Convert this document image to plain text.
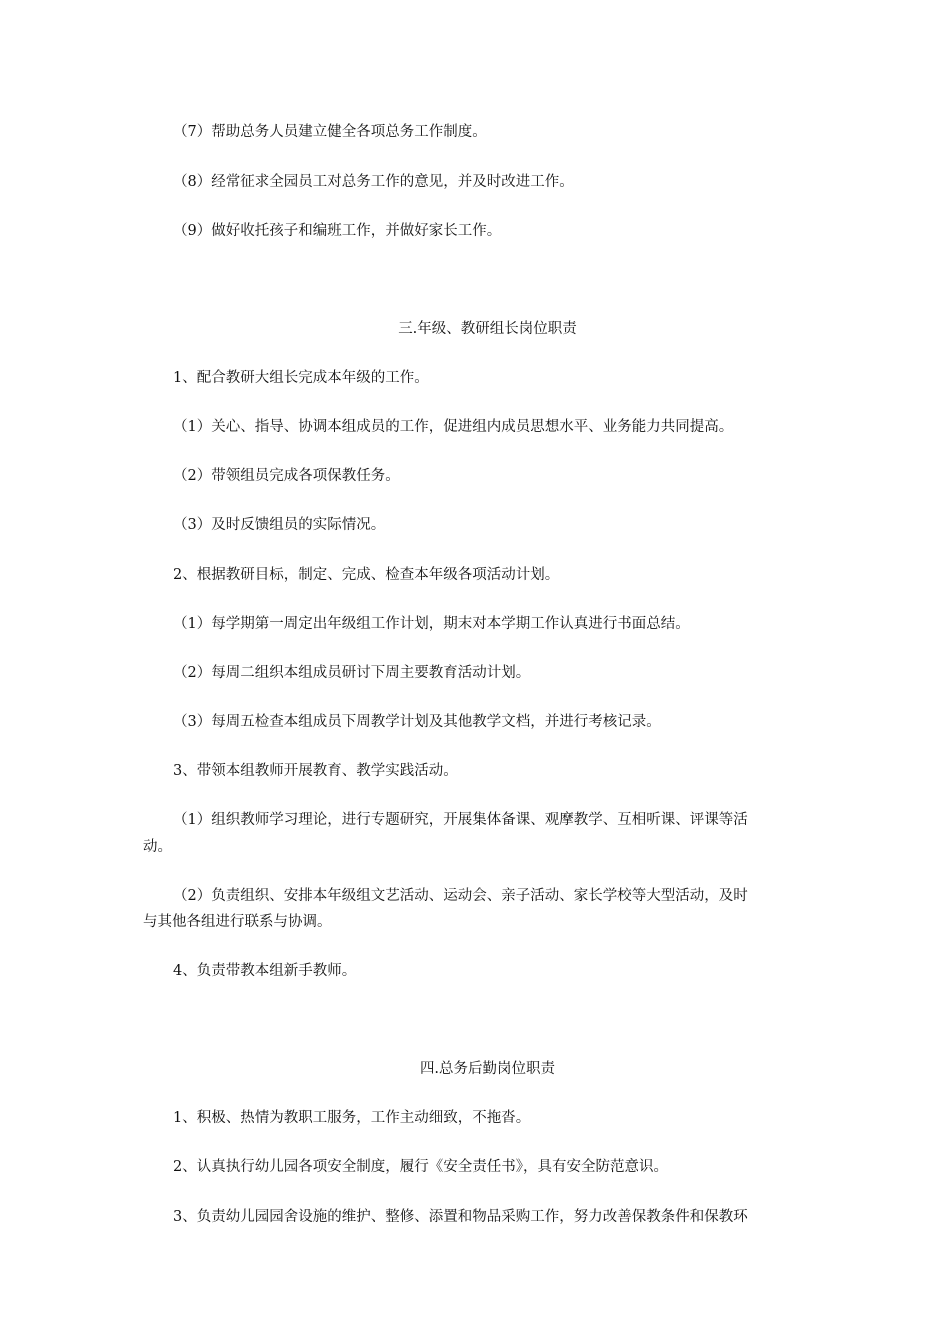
（7）帮助总务人员建立健全各项总务工作制度。
（8）经常征求全园员工对总务工作的意见，并及时改进工作。
（9）做好收托孩子和编班工作，并做好家长工作。
三.年级、教研组长岗位职责
1、配合教研大组长完成本年级的工作。
（1）关心、指导、协调本组成员的工作，促进组内成员思想水平、业务能力共同提高。
（2）带领组员完成各项保教任务。
（3）及时反馈组员的实际情况。
2、根据教研目标，制定、完成、检查本年级各项活动计划。
（1）每学期第一周定出年级组工作计划，期末对本学期工作认真进行书面总结。
（2）每周二组织本组成员研讨下周主要教育活动计划。
（3）每周五检查本组成员下周教学计划及其他教学文档，并进行考核记录。
3、带领本组教师开展教育、教学实践活动。
（1）组织教师学习理论，进行专题研究，开展集体备课、观摩教学、互相听课、评课等活
动。
（2）负责组织、安排本年级组文艺活动、运动会、亲子活动、家长学校等大型活动，及时
与其他各组进行联系与协调。
4、负责带教本组新手教师。
四.总务后勤岗位职责
1、积极、热情为教职工服务，工作主动细致，不拖沓。
2、认真执行幼儿园各项安全制度，履行《安全责任书》，具有安全防范意识。
3、负责幼儿园园舍设施的维护、整修、添置和物品采购工作，努力改善保教条件和保教环
